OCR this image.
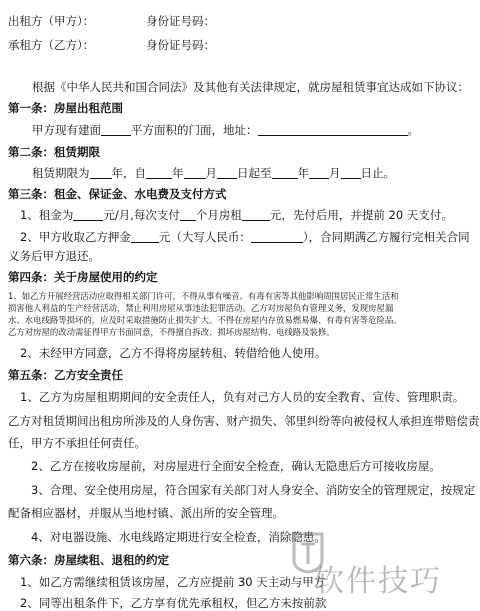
出租方（甲方）：	身份证号码：
承租方（乙方）：	身份证号码：
根据《中华人民共和国合同法》及其他有关法律规定，就房屋租赁事宜达成如下协议：
第一条：房屋出租范围
甲方现有建面	平方面积的门面，地址：	。
第二条：租赁期限
租赁期限为 年，自 年 月 日起至 年 月 日止。
第三条：租金、保证金、水电费及支付方式
1、租金为	元/月,每次支付 个月房租 元，先付后用，并提前 20 天支付。
2、甲方收取乙方押金 元（大写人民币：	），合同期满乙方履行完相关合同
义务后甲方退还。
第四条：关于房屋使用的约定
1、如乙方开展经营活动应取得相关部门许可，不得从事有噪音、有毒有害等其他影响周围居民正常生活和
损害他人利益的生产经营活动，禁止利用房屋从事违法犯罪活动。乙方对房屋负有管理义务，发现房屋漏
水、水电线路等损坏的，应及时采取措施防止损失扩大。不得在房屋内存放易燃易爆、有毒有害等危险品。
乙方对房屋的改动需征得甲方书面同意，不得擅自拆改、损坏房屋结构、电线路及装修。
2、未经甲方同意，乙方不得将房屋转租、转借给他人使用。
第五条：乙方安全责任
1、乙方为房屋租期期间的安全责任人，负有对己方人员的安全教育、宣传、管理职责。
乙方对租赁期间出租房所涉及的人身伤害、财产损失、邻里纠纷等向被侵权人承担连带赔偿责
任，甲方不承担任何责任。
2、乙方在接收房屋前，对房屋进行全面安全检查，确认无隐患后方可接收房屋。
3、合理、安全使用房屋，符合国家有关部门对人身安全、消防安全的管理规定，按规定
配备相应器材，并服从当地村镇、派出所的安全管理。
4、对电器设施、水电线路定期进行安全检查，消除隐患。
第六条：房屋续租、退租的约定
1、如乙方需继续租赁该房屋，乙方应提前 30 天主动与甲方
2、同等出租条件下，乙方享有优先承租权，但乙方未按前款
软件技巧
